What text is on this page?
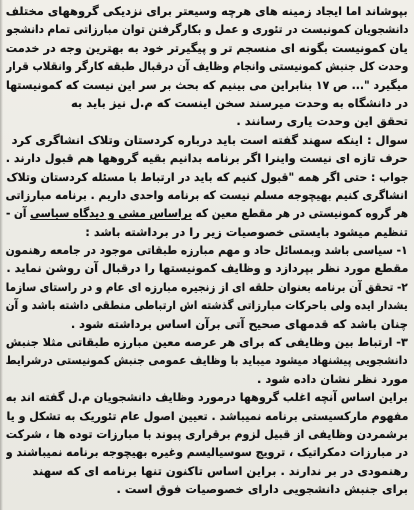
بپوشاند اما ایجاد زمینه های هرچه وسیعتر برای نزدیکی گروههای مختلف
دانشجویان کمونیست در تئوری و عمل و بکارگرفتن توان مبارزاتی تمام دانشجو
یان کمونیست بگونه ای منسجم تر و پیگیرتر خود به بهترین وجه در خدمت
وحدت کل جنبش کمونیستی وانجام وظایف آن درقبال طبقه کارگر وانقلاب قرار
میگیرد "... ص ۱۷ بنابراین می بینیم که بحث بر سر این نیست که کمونیستها
در دانشگاه به وحدت میرسند سخن اینست که م.ل نیز باید به
تحقق این وحدت یاری رسانند .
سوال : اینکه سهند گفته است باید درباره کردستان وتلاک انشاگری کرد
حرف تازه ای نیست واینرا اگر برنامه بدانیم بقیه گروهها هم قبول دارند .
جواب : حتی اگر همه "قبول کنیم که باید در ارتباط با مسئله کردستان وتلاک
انشاگری کنیم بهیچوجه مسلم نیست که برنامه واحدی داریم . برنامه مبارزاتی
هر گروه کمونیستی در هر مقطع معین که براساس مشی و دیدگاه سیاسی آن -
تنظیم میشود بایستی خصوصیات زیر را در برداشته باشد :
۱- سیاسی باشد وبمسائل حاد و مهم مبارزه طبقاتی موجود در جامعه رهنمون
مقطع مورد نظر بپردازد و وظایف کمونیستها را درقبال آن روشن نماید .
۲- تحقق آن برنامه بعنوان حلقه ای از زنجیره مبارزه ای عام و در راستای سازما
یشدار ایده ولی باحرکات مبارزاتی گذشته اش ارتباطی منطقی داشته باشد و آن
چنان باشد که قدمهای صحیح آتی برآن اساس برداشته شود .
۳- ارتباط بین وظایفی که برای هر عرصه معین مبارزه طبقاتی مثلا جنبش
دانشجویی پیشنهاد میشود میباید با وظایف عمومی جنبش کمونیستی درشرایط
مورد نظر نشان داده شود .
براین اساس آنچه اغلب گروهها درمورد وظایف دانشجویان م.ل گفته اند به
مفهوم مارکسیستی برنامه نمیباشد . تعیین اصول عام تئوریک به تشکل و یا
برشمردن وظایفی از قبیل لزوم برقراری پیوند با مبارزات توده ها ، شرکت
در مبارزات دمکراتیک ، ترویج سوسیالیسم وغیره بهیچوجه برنامه نمیباشند و
رهنمودی در بر ندارند . براین اساس تاکنون تنها برنامه ای که سهند
برای جنبش دانشجویی دارای خصوصیات فوق است .
